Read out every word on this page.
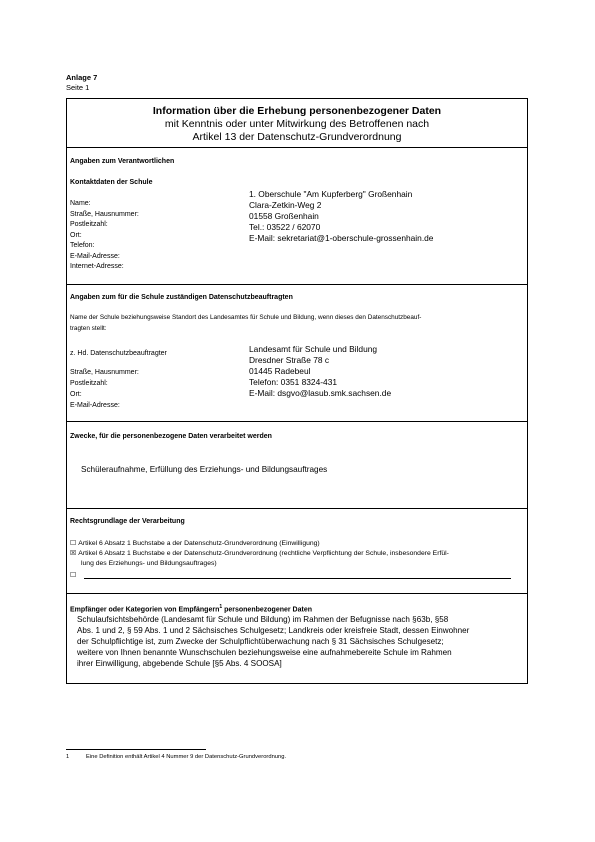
Anlage 7
Seite 1
Information über die Erhebung personenbezogener Daten
mit Kenntnis oder unter Mitwirkung des Betroffenen nach
Artikel 13 der Datenschutz-Grundverordnung
Angaben zum Verantwortlichen
Kontaktdaten der Schule
Name:
Straße, Hausnummer:
Postleitzahl:
Ort:
Telefon:
E-Mail-Adresse:
Internet-Adresse:
1. Oberschule "Am Kupferberg" Großenhain
Clara-Zetkin-Weg 2
01558 Großenhain
Tel.: 03522 / 62070
E-Mail: sekretariat@1-oberschule-grossenhain.de
Angaben zum für die Schule zuständigen Datenschutzbeauftragten
Name der Schule beziehungsweise Standort des Landesamtes für Schule und Bildung, wenn dieses den Datenschutzbeauf-
tragten stellt:
z. Hd. Datenschutzbeauftragter
Straße, Hausnummer:
Postleitzahl:
Ort:
E-Mail-Adresse:
Landesamt für Schule und Bildung
Dresdner Straße 78 c
01445 Radebeul
Telefon: 0351 8324-431
E-Mail: dsgvo@lasub.smk.sachsen.de
Zwecke, für die personenbezogene Daten verarbeitet werden
Schüleraufnahme, Erfüllung des Erziehungs- und Bildungsauftrages
Rechtsgrundlage der Verarbeitung
☐ Artikel 6 Absatz 1 Buchstabe a der Datenschutz-Grundverordnung (Einwilligung)
☒ Artikel 6 Absatz 1 Buchstabe e der Datenschutz-Grundverordnung (rechtliche Verpflichtung der Schule, insbesondere Erfül-
lung des Erziehungs- und Bildungsauftrages)
☐
Empfänger oder Kategorien von Empfängern$^1$ personenbezogener Daten
Schulaufsichtsbehörde (Landesamt für Schule und Bildung) im Rahmen der Befugnisse nach §63b, §58
Abs. 1 und 2, § 59 Abs. 1 und 2 Sächsisches Schulgesetz; Landkreis oder kreisfreie Stadt, dessen Einwohner
der Schulpflichtige ist, zum Zwecke der Schulpflichtüberwachung nach § 31 Sächsisches Schulgesetz;
weitere von Ihnen benannte Wunschschulen beziehungsweise eine aufnahmebereite Schule im Rahmen
ihrer Einwilligung, abgebende Schule [§5 Abs. 4 SOOSA]
1	Eine Definition enthält Artikel 4 Nummer 9 der Datenschutz-Grundverordnung.
